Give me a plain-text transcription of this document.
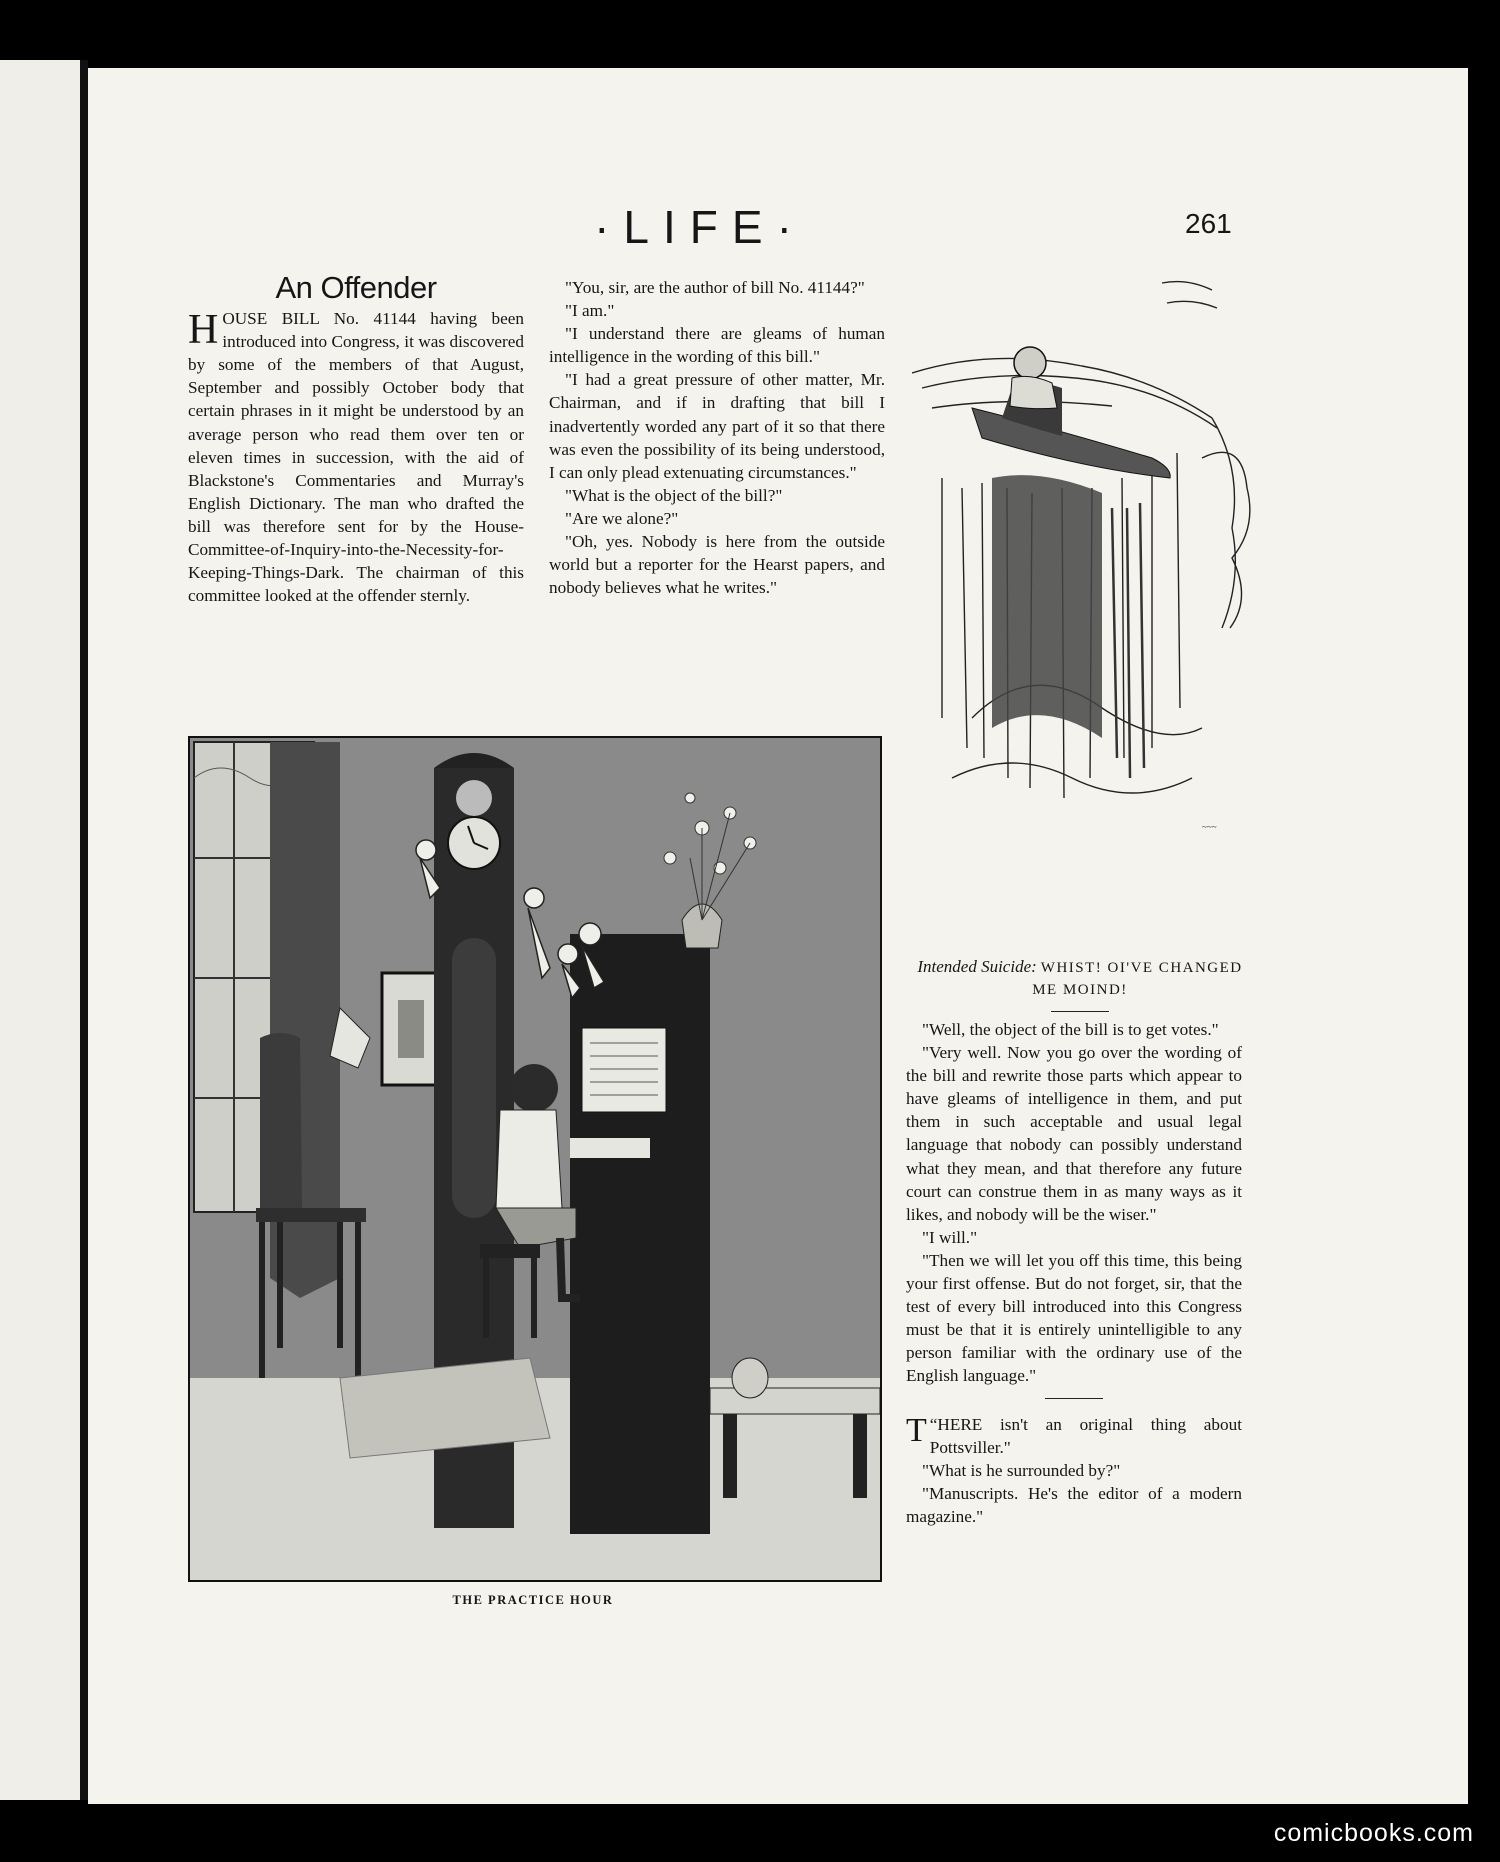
·LIFE·	261
An Offender

HOUSE BILL No. 41144 having been introduced into Congress, it was discovered by some of the members of that August, September and possibly October body that certain phrases in it might be understood by an average person who read them over ten or eleven times in succession, with the aid of Blackstone's Commentaries and Murray's English Dictionary. The man who drafted the bill was therefore sent for by the House-Committee-of-Inquiry-into-the-Necessity-for-Keeping-Things-Dark. The chairman of this committee looked at the offender sternly.

"You, sir, are the author of bill No. 41144?"

"I am."

"I understand there are gleams of human intelligence in the wording of this bill."

"I had a great pressure of other matter, Mr. Chairman, and if in drafting that bill I inadvertently worded any part of it so that there was even the possibility of its being understood, I can only plead extenuating circumstances."

"What is the object of the bill?"

"Are we alone?"

"Oh, yes. Nobody is here from the outside world but a reporter for the Hearst papers, and nobody believes what he writes."

~~~
Intended Suicide: WHIST! OI'VE CHANGED ME MOIND!

"Well, the object of the bill is to get votes."

"Very well. Now you go over the wording of the bill and rewrite those parts which appear to have gleams of intelligence in them, and put them in such acceptable and usual legal language that nobody can possibly understand what they mean, and that therefore any future court can construe them in as many ways as it likes, and nobody will be the wiser."

"I will."

"Then we will let you off this time, this being your first offense. But do not forget, sir, that the test of every bill introduced into this Congress must be that it is entirely unintelligible to any person familiar with the ordinary use of the English language."

“
T HERE isn't an original thing about Pottsviller."

"What is he surrounded by?"

"Manuscripts. He's the editor of a modern magazine."

THE PRACTICE HOUR
comicbooks.com
